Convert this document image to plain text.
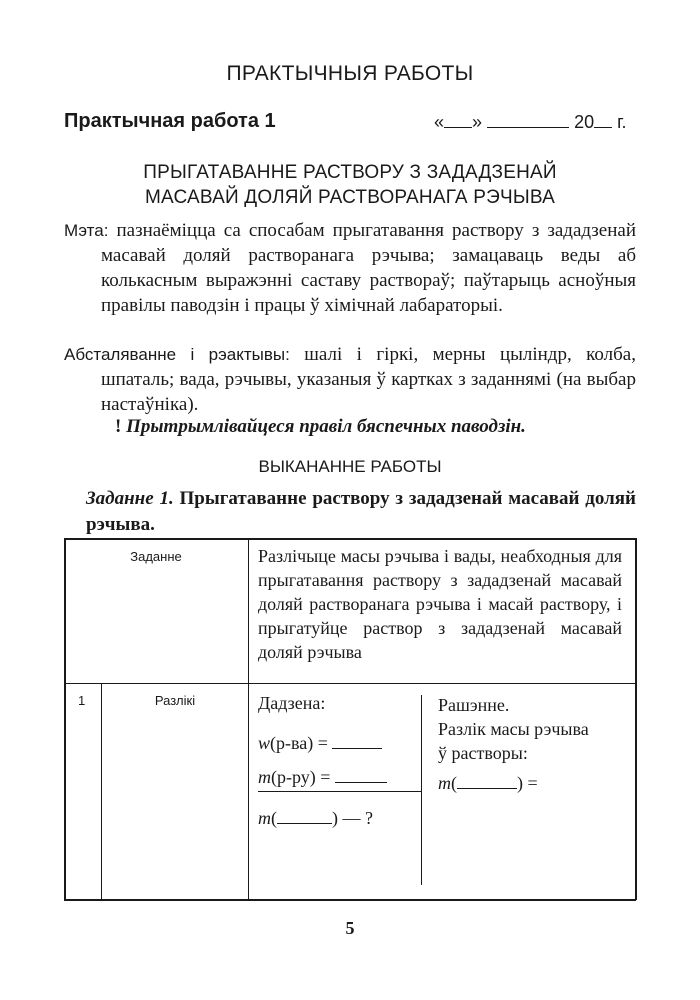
ПРАКТЫЧНЫЯ РАБОТЫ
Практычная работа 1	« »	20 г.
ПРЫГАТАВАННЕ РАСТВОРУ З ЗАДАДЗЕНАЙ
МАСАВАЙ ДОЛЯЙ РАСТВОРАНАГА РЭЧЫВА
Мэта: пазнаёміцца са спосабам прыгатавання раствору з зададзенай масавай доляй растворанага рэчыва; замацаваць веды аб колькасным выражэнні саставу раствораў; паўтарыць асноўныя правілы паводзін і працы ў хімічнай лабараторыі.
Абсталяванне і рэактывы: шалі і гіркі, мерны цыліндр, колба, шпаталь; вада, рэчывы, указаныя ў картках з заданнямі (на выбар настаўніка).
! Прытрымлівайцеся правіл бяспечных паводзін.
ВЫКАНАННЕ РАБОТЫ
Заданне 1. Прыгатаванне раствору з зададзенай масавай доляй рэчыва.
Заданне	Разлічыце масы рэчыва і вады, неабходныя для прыгатавання раствору з зададзенай масавай доляй растворанага рэчыва і масай раствору, і прыгатуйце раствор з зададзенай масавай доляй рэчыва
1	Разлікі	Дадзена:
w(р-ва) =
m(р-ру) =
m(	) — ?
Рашэнне.
Разлік масы рэчыва
ў растворы:
m(	) =
5
